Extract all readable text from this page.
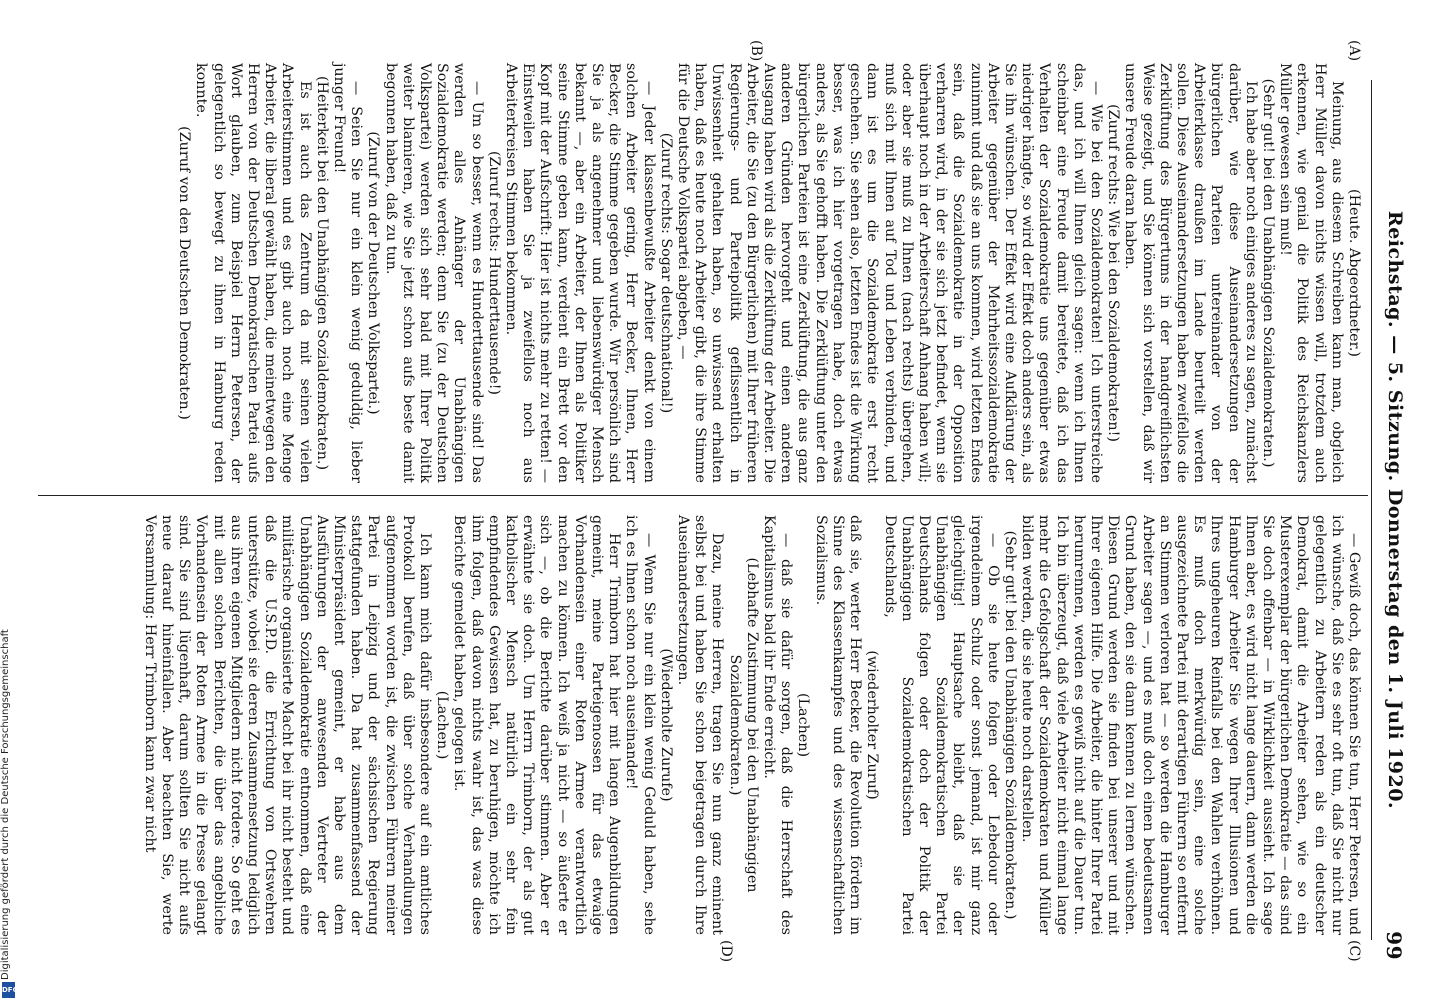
Reichstag. — 5. Sitzung. Donnerstag den 1. Juli 1920.
99
(A)
(B)
(C)
(D)

(Heute. Abgeordneter.)

Meinung, aus diesem Schreiben kann man, obgleich Herr Müller davon nichts wissen will, trotzdem auch erkennen, wie genial die Politik des Reichskanzlers Müller gewesen sein muß!

(Sehr gut! bei den Unabhängigen Sozialdemokraten.)

Ich habe aber noch einiges anderes zu sagen, zunächst darüber, wie diese Auseinandersetzungen der bürgerlichen Parteien untereinander von der Arbeiterklasse draußen im Lande beurteilt werden sollen. Diese Auseinandersetzungen haben zweifellos die Zerklüftung des Bürgertums in der handgreiflichsten Weise gezeigt, und Sie können sich vorstellen, daß wir unsere Freude daran haben.

(Zuruf rechts: Wie bei den Sozialdemokraten!)

— Wie bei den Sozialdemokraten! Ich unterstreiche das, und ich will Ihnen gleich sagen: wenn ich Ihnen scheinbar eine Freude damit bereitete, daß ich das Verhalten der Sozialdemokratie uns gegenüber etwas niedriger hängte, so wird der Effekt doch anders sein, als Sie ihn wünschen. Der Effekt wird eine Aufklärung der Arbeiter gegenüber der Mehrheitssozialdemokratie zunimmt und daß sie an uns kommen, wird letzten Endes sein, daß die Sozialdemokratie in der Opposition verharren wird, in der sie sich jetzt befindet, wenn sie überhaupt noch in der Arbeiterschaft Anhang haben will; oder aber sie muß zu Ihnen (nach rechts) übergehen, muß sich mit Ihnen auf Tod und Leben verbinden, und dann ist es um die Sozialdemokratie erst recht geschehen. Sie sehen also, letzten Endes ist die Wirkung besser, was ich hier vorgetragen habe, doch etwas anders, als Sie gehofft haben. Die Zerklüftung unter den bürgerlichen Parteien ist eine Zerklüftung, die aus ganz anderen Gründen hervorgeht und einen anderen Ausgang haben wird als die Zerklüftung der Arbeiter. Die Arbeiter, die Sie (zu den Bürgerlichen) mit Ihrer früheren Regierungs- und Parteipolitik geflissentlich in Unwissenheit gehalten haben, so unwissend erhalten haben, daß es heute noch Arbeiter gibt, die ihre Stimme für die Deutsche Volkspartei abgeben, —

(Zuruf rechts: Sogar deutschnational!)

— Jeder klassenbewußte Arbeiter denkt von einem solchen Arbeiter gering, Herr Becker, Ihnen, Herr Becker, die Stimme gegeben wurde. Wir persönlich sind Sie ja als angenehmer und liebenswürdiger Mensch bekannt —, aber ein Arbeiter, der Ihnen als Politiker seine Stimme geben kann, verdient ein Brett vor den Kopf mit der Aufschrift: Hier ist nichts mehr zu retten! — Einstweilen haben Sie ja zweifellos noch aus Arbeiterkreisen Stimmen bekommen.

(Zuruf rechts: Hunderttausende!)

— Um so besser, wenn es Hunderttausende sind! Das werden alles Anhänger der Unabhängigen Sozialdemokratie werden; denn Sie (zu der Deutschen Volkspartei) werden sich sehr bald mit Ihrer Politik weiter blamieren, wie Sie jetzt schon aufs beste damit begonnen haben, daß zu tun.

(Zuruf von der Deutschen Volkspartei.)

— Seien Sie nur ein klein wenig geduldig, lieber junger Freund!

(Heiterkeit bei den Unabhängigen Sozialdemokraten.)

Es ist auch das Zentrum da mit seinen vielen Arbeiterstimmen und es gibt auch noch eine Menge Arbeiter, die liberal gewählt haben, die meinetwegen den Herren von der Deutschen Demokratischen Partei aufs Wort glauben, zum Beispiel Herrn Petersen, der gelegentlich so bewegt zu ihnen in Hamburg reden konnte.

(Zuruf von den Deutschen Demokraten.)

— Gewiß doch, das können Sie tun, Herr Petersen, und ich wünsche, daß Sie es sehr oft tun, daß Sie nicht nur gelegentlich zu Arbeitern reden als ein deutscher Demokrat, damit die Arbeiter sehen, wie so ein Musterexemplar der bürgerlichen Demokratie — das sind Sie doch offenbar — in Wirklichkeit aussieht. Ich sage Ihnen aber, es wird nicht lange dauern, dann werden die Hamburger Arbeiter Sie wegen Ihrer Illusionen und Ihres ungeheuren Reinfalls bei den Wahlen verhöhnen. Es muß doch merkwürdig sein, eine solche ausgezeichnete Partei mit derartigen Führern so entfernt an Stimmen verloren hat — so werden die Hamburger Arbeiter sagen —, und es muß doch einen bedeutsamen Grund haben, den sie dann kennen zu lernen wünschen. Diesen Grund werden sie finden bei unserer und mit Ihrer eigenen Hilfe. Die Arbeiter, die hinter Ihrer Partei herumrennen, werden es gewiß nicht auf die Dauer tun. Ich bin überzeugt, daß viele Arbeiter nicht einmal lange mehr die Gefolgschaft der Sozialdemokraten und Müller bilden werden, die sie heute noch darstellen.

(Sehr gut! bei den Unabhängigen Sozialdemokraten.)

— Ob sie heute folgen oder Lebedour oder irgendeinem Schulz oder sonst jemand, ist mir ganz gleichgültig! Hauptsache bleibt, daß sie der Unabhängigen Sozialdemokratischen Partei Deutschlands folgen oder doch der Politik der Unabhängigen Sozialdemokratischen Partei Deutschlands,

(wiederholter Zuruf)

daß sie, werter Herr Becker, die Revolution fördern im Sinne des Klassenkampfes und des wissenschaftlichen Sozialismus.

(Lachen)

— daß sie dafür sorgen, daß die Herrschaft des Kapitalismus bald ihr Ende erreicht.

(Lebhafte Zustimmung bei den Unabhängigen Sozialdemokraten.)

Dazu, meine Herren, tragen Sie nun ganz eminent selbst bei und haben Sie schon beigetragen durch Ihre Auseinandersetzungen.

(Wiederholte Zurufe)

— Wenn Sie nur ein klein wenig Geduld haben, sehe ich es Ihnen schon noch auseinander!

Herr Trimborn hat hier mit langen Augenbildungen gemeint, meine Parteigenossen für das etwaige Vorhandensein einer Roten Armee verantwortlich machen zu können. Ich weiß ja nicht — so äußerte er sich —, ob die Berichte darüber stimmen. Aber er erwähnte sie doch. Um Herrn Trimborn, der als gut katholischer Mensch natürlich ein sehr fein empfindendes Gewissen hat, zu beruhigen, möchte ich ihm folgen, daß davon nichts wahr ist, das was diese Berichte gemeldet haben, gelogen ist.

(Lachen.)

Ich kann mich dafür insbesondere auf ein amtliches Protokoll berufen, daß über solche Verhandlungen aufgenommen worden ist, die zwischen Führern meiner Partei in Leipzig und der sächsischen Regierung stattgefunden haben. Da hat zusammenfassend der Ministerpräsident gemeint, er habe aus dem Ausführungen der anwesenden Vertreter der Unabhängigen Sozialdemokratie entnommen, daß eine militärische organisierte Macht bei ihr nicht besteht und daß die U.S.P.D. die Errichtung von Ortswehren unterstütze, wobei sie deren Zusammensetzung lediglich aus ihren eigenen Mitgliedern nicht fordere. So geht es mit allen solchen Berichten, die über das angebliche Vorhandensein der Roten Armee in die Presse gelangt sind. Sie sind lügenhaft, darum sollten Sie nicht aufs neue darauf hineinfallen. Aber beachten Sie, werte Versammlung: Herr Trimborn kann zwar nicht

Digitalisierung gefördert durch die Deutsche Forschungsgemeinschaft
DFG
